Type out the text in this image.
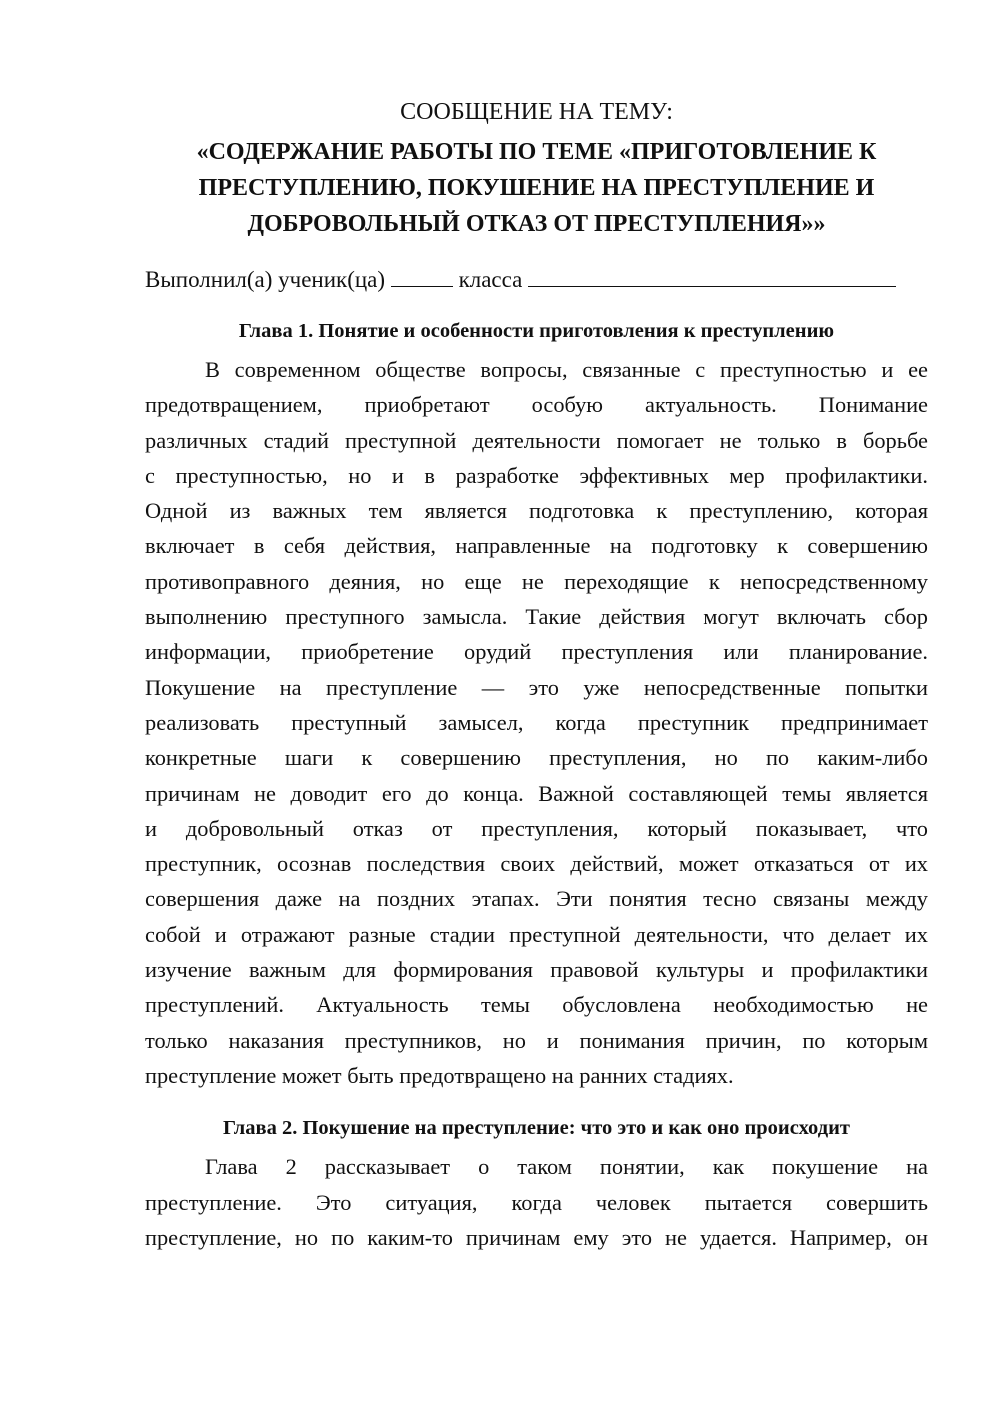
СООБЩЕНИЕ НА ТЕМУ:

«СОДЕРЖАНИЕ РАБОТЫ ПО ТЕМЕ «ПРИГОТОВЛЕНИЕ К
ПРЕСТУПЛЕНИЮ, ПОКУШЕНИЕ НА ПРЕСТУПЛЕНИЕ И
ДОБРОВОЛЬНЫЙ ОТКАЗ ОТ ПРЕСТУПЛЕНИЯ»»

Выполнил(а) ученик(ца)	класса

Глава 1. Понятие и особенности приготовления к преступлению
В современном обществе вопросы, связанные с преступностью и ее
предотвращением, приобретают особую актуальность. Понимание
различных стадий преступной деятельности помогает не только в борьбе
с преступностью, но и в разработке эффективных мер профилактики.
Одной из важных тем является подготовка к преступлению, которая
включает в себя действия, направленные на подготовку к совершению
противоправного деяния, но еще не переходящие к непосредственному
выполнению преступного замысла. Такие действия могут включать сбор
информации, приобретение орудий преступления или планирование.
Покушение на преступление — это уже непосредственные попытки
реализовать преступный замысел, когда преступник предпринимает
конкретные шаги к совершению преступления, но по каким-либо
причинам не доводит его до конца. Важной составляющей темы является
и добровольный отказ от преступления, который показывает, что
преступник, осознав последствия своих действий, может отказаться от их
совершения даже на поздних этапах. Эти понятия тесно связаны между
собой и отражают разные стадии преступной деятельности, что делает их
изучение важным для формирования правовой культуры и профилактики
преступлений. Актуальность темы обусловлена необходимостью не
только наказания преступников, но и понимания причин, по которым
преступление может быть предотвращено на ранних стадиях.
Глава 2. Покушение на преступление: что это и как оно происходит
Глава 2 рассказывает о таком понятии, как покушение на
преступление. Это ситуация, когда человек пытается совершить
преступление, но по каким-то причинам ему это не удается. Например, он
